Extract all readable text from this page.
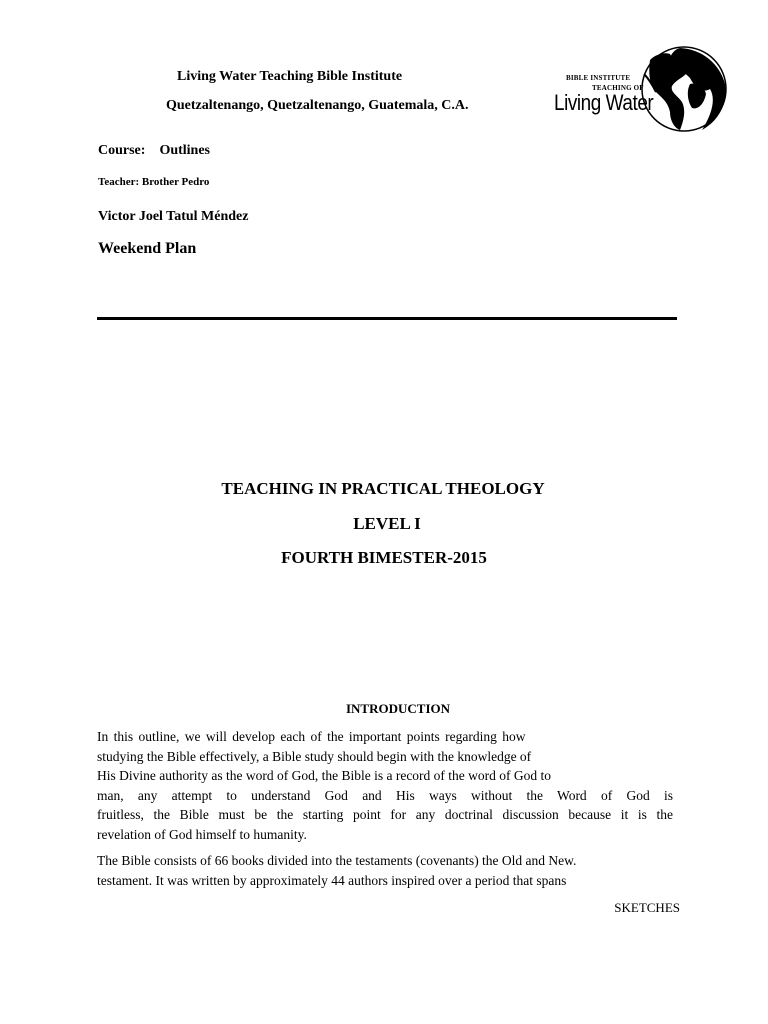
Living Water Teaching Bible Institute
Quetzaltenango, Quetzaltenango, Guatemala, C.A.
BIBLE INSTITUTE
TEACHING OF
Living Water
Course: Outlines
Teacher: Brother Pedro
Victor Joel Tatul Méndez
Weekend Plan
TEACHING IN PRACTICAL THEOLOGY
LEVEL I
FOURTH BIMESTER-2015
INTRODUCTION
In this outline, we will develop each of the important points regarding how
studying the Bible effectively, a Bible study should begin with the knowledge of
His Divine authority as the word of God, the Bible is a record of the word of God to
man, any attempt to understand God and His ways without the Word of God is
fruitless, the Bible must be the starting point for any doctrinal discussion because it is the
revelation of God himself to humanity.
The Bible consists of 66 books divided into the testaments (covenants) the Old and New.
testament. It was written by approximately 44 authors inspired over a period that spans
SKETCHES
